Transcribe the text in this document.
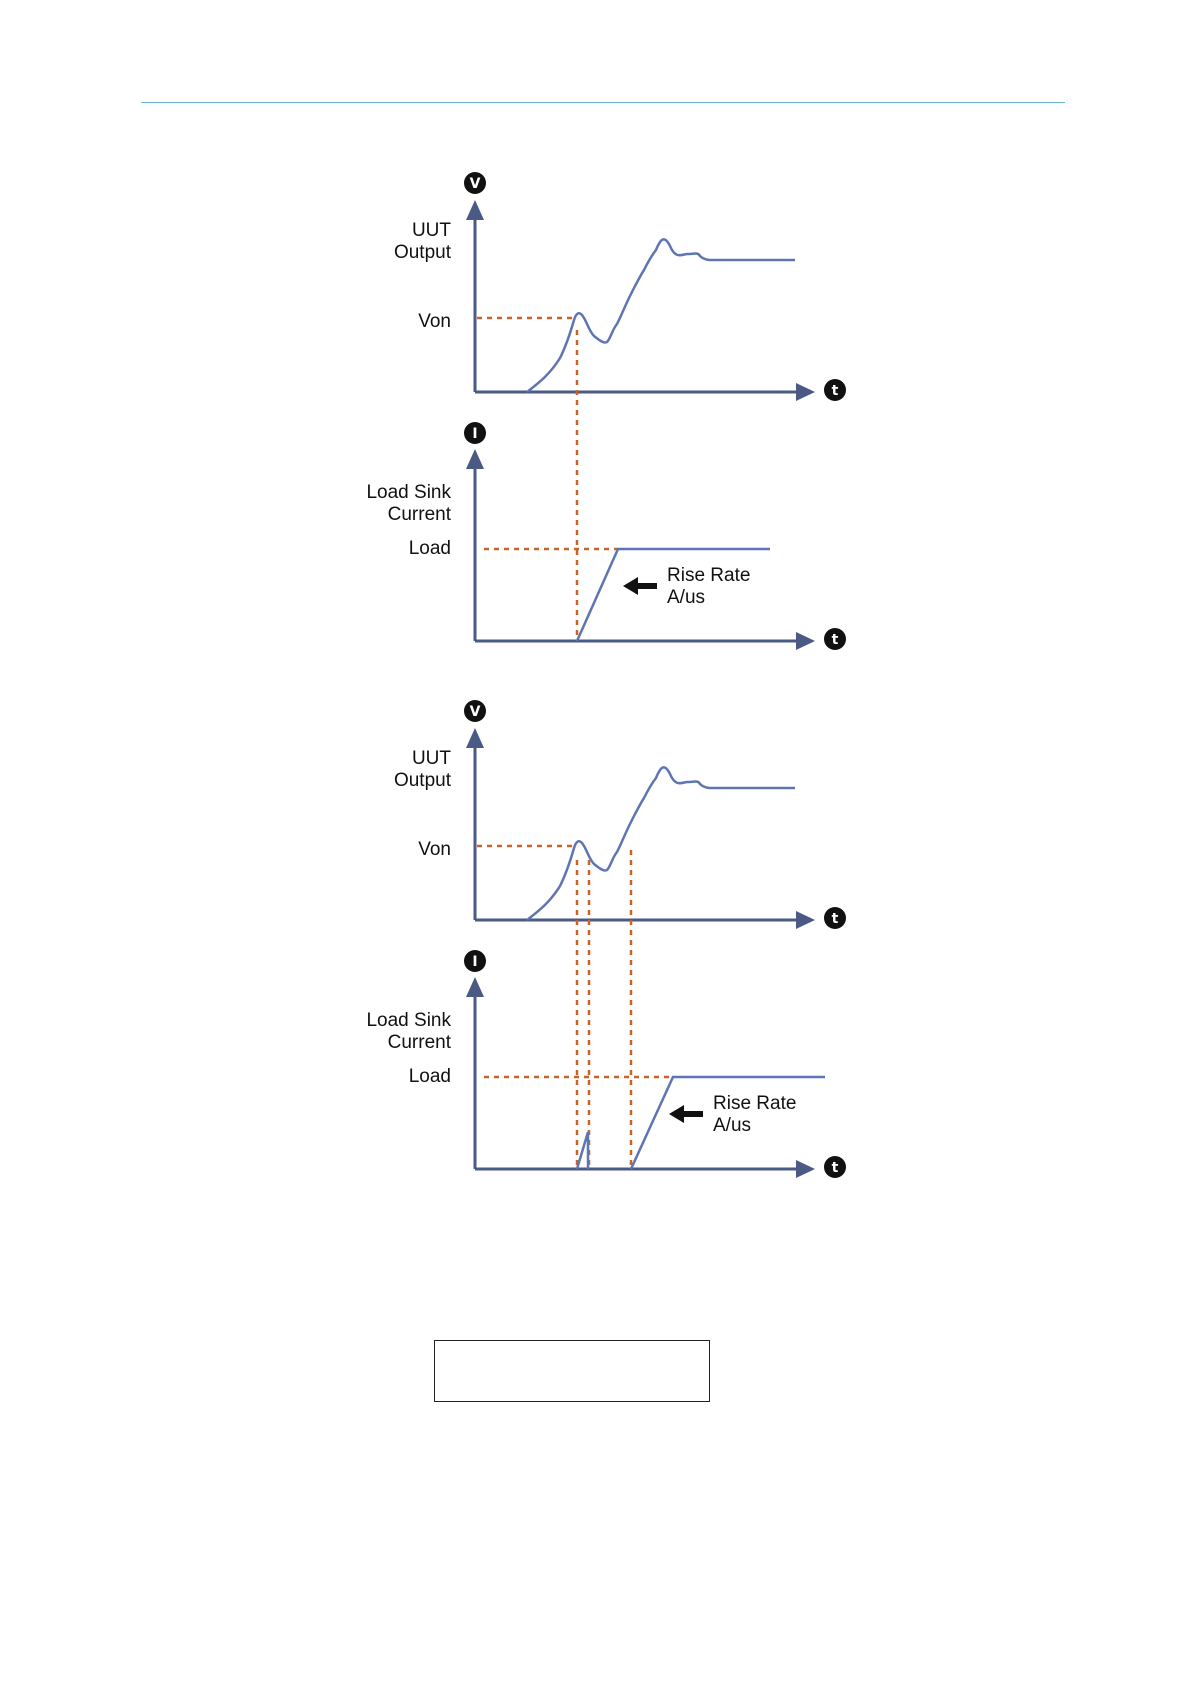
V
t
UUT
Output
Von
I
t
Load Sink
Current
Load
Rise Rate
A/us
V
t
UUT
Output
Von
I
t
Load Sink
Current
Load
Rise Rate
A/us
